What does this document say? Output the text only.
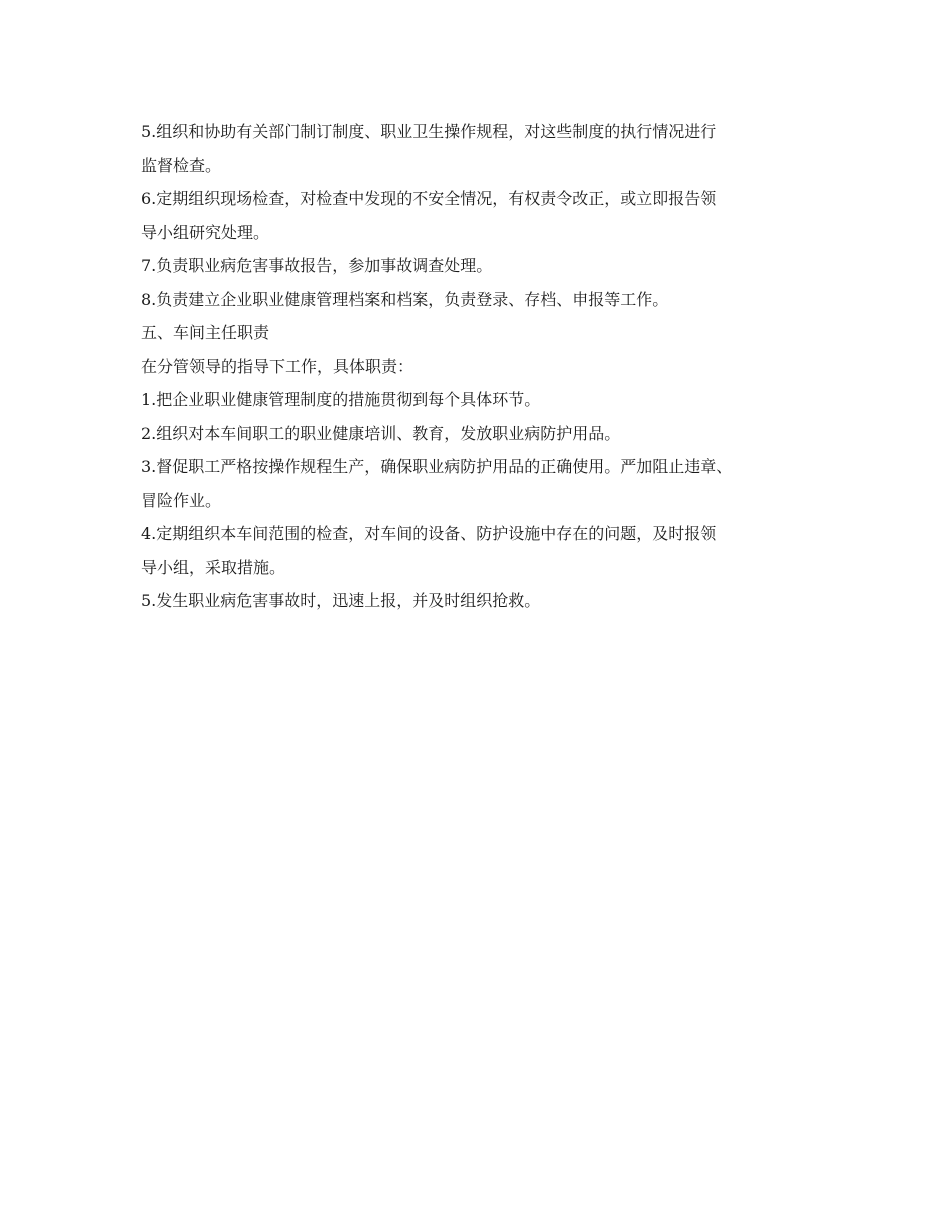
5.组织和协助有关部门制订制度、职业卫生操作规程，对这些制度的执行情况进行

监督检查。

6.定期组织现场检查，对检查中发现的不安全情况，有权责令改正，或立即报告领

导小组研究处理。

7.负责职业病危害事故报告，参加事故调查处理。

8.负责建立企业职业健康管理档案和档案，负责登录、存档、申报等工作。

五、车间主任职责

在分管领导的指导下工作，具体职责：

1.把企业职业健康管理制度的措施贯彻到每个具体环节。

2.组织对本车间职工的职业健康培训、教育，发放职业病防护用品。

3.督促职工严格按操作规程生产，确保职业病防护用品的正确使用。严加阻止违章、

冒险作业。

4.定期组织本车间范围的检查，对车间的设备、防护设施中存在的问题，及时报领

导小组，采取措施。

5.发生职业病危害事故时，迅速上报，并及时组织抢救。
